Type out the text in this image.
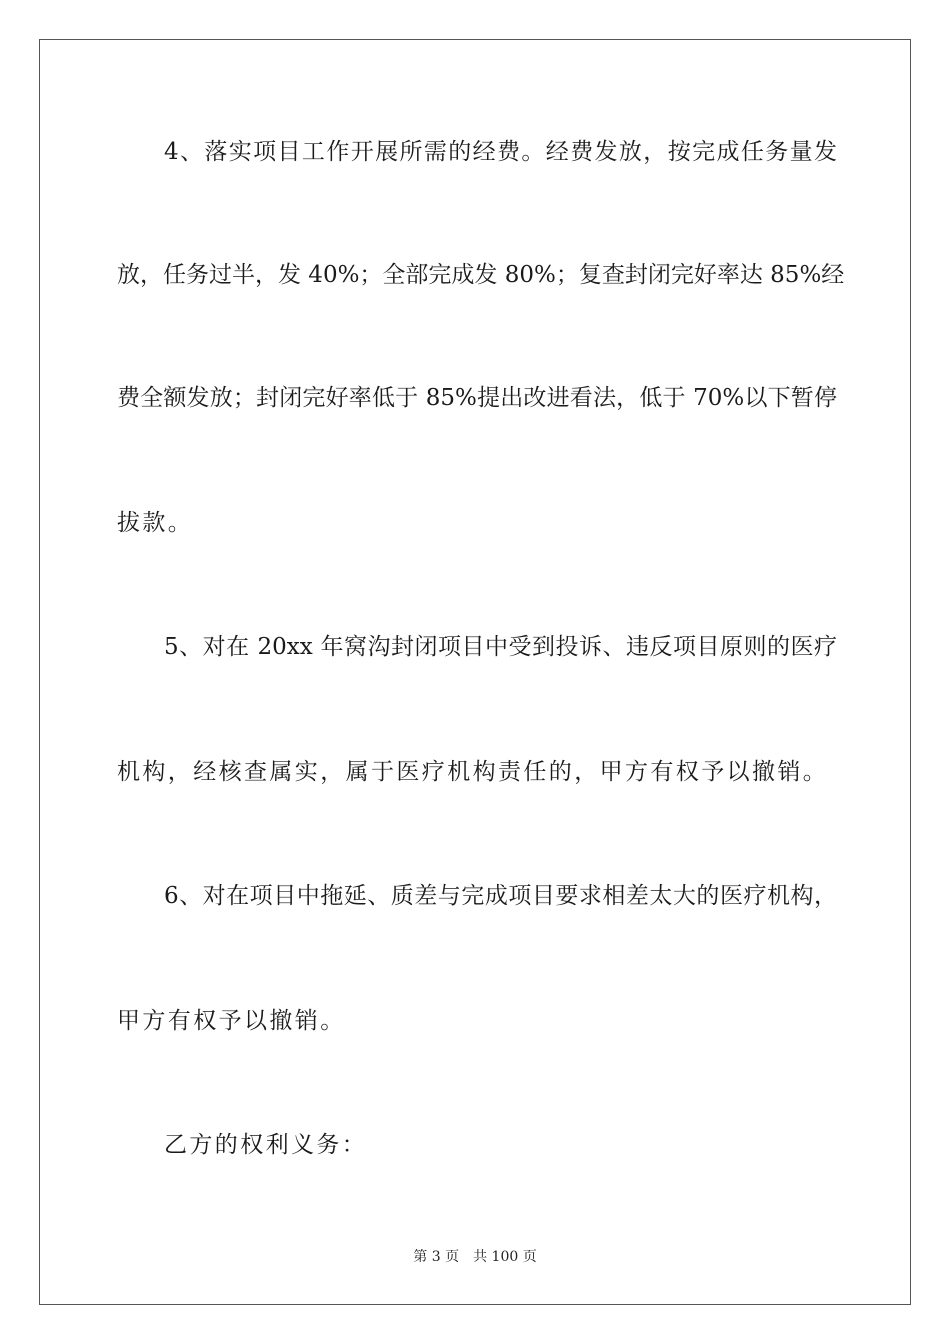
4、落实项目工作开展所需的经费。经费发放，按完成任务量发
放，任务过半，发 40%；全部完成发 80%；复查封闭完好率达 85%经
费全额发放；封闭完好率低于 85%提出改进看法，低于 70%以下暂停
拔款。
5、对在 20xx 年窝沟封闭项目中受到投诉、违反项目原则的医疗
机构，经核查属实，属于医疗机构责任的，甲方有权予以撤销。
6、对在项目中拖延、质差与完成项目要求相差太大的医疗机构，
甲方有权予以撤销。
乙方的权利义务：
第 3 页 共 100 页
